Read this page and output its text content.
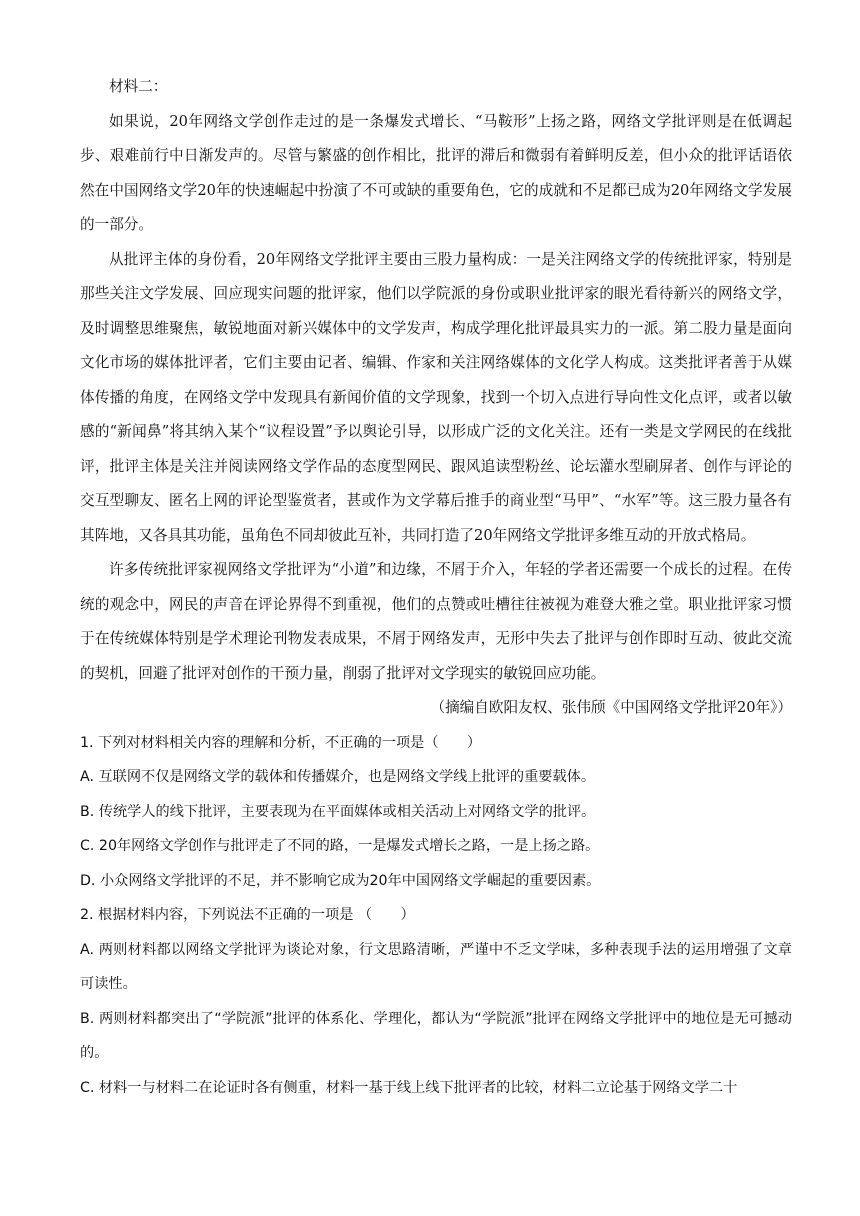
材料二：

如果说，20年网络文学创作走过的是一条爆发式增长、“马鞍形”上扬之路，网络文学批评则是在低调起步、艰难前行中日渐发声的。尽管与繁盛的创作相比，批评的滞后和微弱有着鲜明反差，但小众的批评话语依然在中国网络文学20年的快速崛起中扮演了不可或缺的重要角色，它的成就和不足都已成为20年网络文学发展的一部分。

从批评主体的身份看，20年网络文学批评主要由三股力量构成：一是关注网络文学的传统批评家，特别是那些关注文学发展、回应现实问题的批评家，他们以学院派的身份或职业批评家的眼光看待新兴的网络文学，及时调整思维聚焦，敏锐地面对新兴媒体中的文学发声，构成学理化批评最具实力的一派。第二股力量是面向文化市场的媒体批评者，它们主要由记者、编辑、作家和关注网络媒体的文化学人构成。这类批评者善于从媒体传播的角度，在网络文学中发现具有新闻价值的文学现象，找到一个切入点进行导向性文化点评，或者以敏感的“新闻鼻”将其纳入某个“议程设置”予以舆论引导，以形成广泛的文化关注。还有一类是文学网民的在线批评，批评主体是关注并阅读网络文学作品的态度型网民、跟风追读型粉丝、论坛灌水型刷屏者、创作与评论的交互型聊友、匿名上网的评论型鉴赏者，甚或作为文学幕后推手的商业型“马甲”、“水军”等。这三股力量各有其阵地，又各具其功能，虽角色不同却彼此互补，共同打造了20年网络文学批评多维互动的开放式格局。

许多传统批评家视网络文学批评为“小道”和边缘，不屑于介入，年轻的学者还需要一个成长的过程。在传统的观念中，网民的声音在评论界得不到重视，他们的点赞或吐槽往往被视为难登大雅之堂。职业批评家习惯于在传统媒体特别是学术理论刊物发表成果，不屑于网络发声，无形中失去了批评与创作即时互动、彼此交流的契机，回避了批评对创作的干预力量，削弱了批评对文学现实的敏锐回应功能。

（摘编自欧阳友权、张伟颀《中国网络文学批评20年》）

1. 下列对材料相关内容的理解和分析，不正确的一项是（　　）

A. 互联网不仅是网络文学的载体和传播媒介，也是网络文学线上批评的重要载体。

B. 传统学人的线下批评，主要表现为在平面媒体或相关活动上对网络文学的批评。

C. 20年网络文学创作与批评走了不同的路，一是爆发式增长之路，一是上扬之路。

D. 小众网络文学批评的不足，并不影响它成为20年中国网络文学崛起的重要因素。

2. 根据材料内容，下列说法不正确的一项是 （　　）

A. 两则材料都以网络文学批评为谈论对象，行文思路清晰，严谨中不乏文学味，多种表现手法的运用增强了文章可读性。

B. 两则材料都突出了“学院派”批评的体系化、学理化，都认为“学院派”批评在网络文学批评中的地位是无可撼动的。

C. 材料一与材料二在论证时各有侧重，材料一基于线上线下批评者的比较，材料二立论基于网络文学二十
